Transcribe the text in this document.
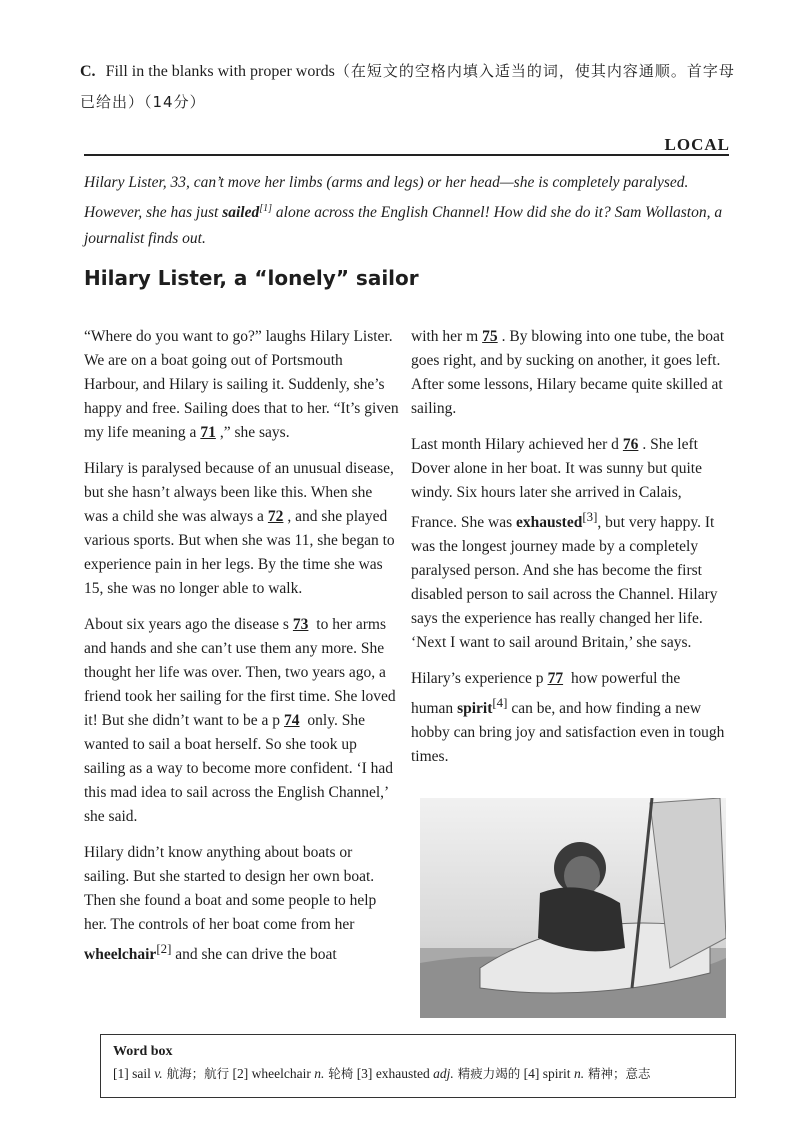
C. Fill in the blanks with proper words（在短文的空格内填入适当的词，使其内容通顺。首字母已给出）（14分）
LOCAL
Hilary Lister, 33, can’t move her limbs (arms and legs) or her head—she is completely paralysed. However, she has just sailed[1] alone across the English Channel! How did she do it? Sam Wollaston, a journalist finds out.
Hilary Lister, a “lonely” sailor

“Where do you want to go?” laughs Hilary Lister. We are on a boat going out of Portsmouth Harbour, and Hilary is sailing it. Suddenly, she’s happy and free. Sailing does that to her. “It’s given my life meaning a 71 ,” she says.

Hilary is paralysed because of an unusual disease, but she hasn’t always been like this. When she was a child she was always a 72 , and she played various sports. But when she was 11, she began to experience pain in her legs. By the time she was 15, she was no longer able to walk.

About six years ago the disease s 73 to her arms and hands and she can’t use them any more. She thought her life was over. Then, two years ago, a friend took her sailing for the first time. She loved it! But she didn’t want to be a p 74 only. She wanted to sail a boat herself. So she took up sailing as a way to become more confident. ‘I had this mad idea to sail across the English Channel,’ she said.

Hilary didn’t know anything about boats or sailing. But she started to design her own boat. Then she found a boat and some people to help her. The controls of her boat come from her wheelchair[2] and she can drive the boat

with her m 75 . By blowing into one tube, the boat goes right, and by sucking on another, it goes left. After some lessons, Hilary became quite skilled at sailing.

Last month Hilary achieved her d 76 . She left Dover alone in her boat. It was sunny but quite windy. Six hours later she arrived in Calais, France. She was exhausted[3], but very happy. It was the longest journey made by a completely paralysed person. And she has become the first disabled person to sail across the Channel. Hilary says the experience has really changed her life. ‘Next I want to sail around Britain,’ she says.

Hilary’s experience p 77 how powerful the human spirit[4] can be, and how finding a new hobby can bring joy and satisfaction even in tough times.

Word box
[1] sail v. 航海；航行 [2] wheelchair n. 轮椅 [3] exhausted adj. 精疲力竭的 [4] spirit n. 精神；意志
